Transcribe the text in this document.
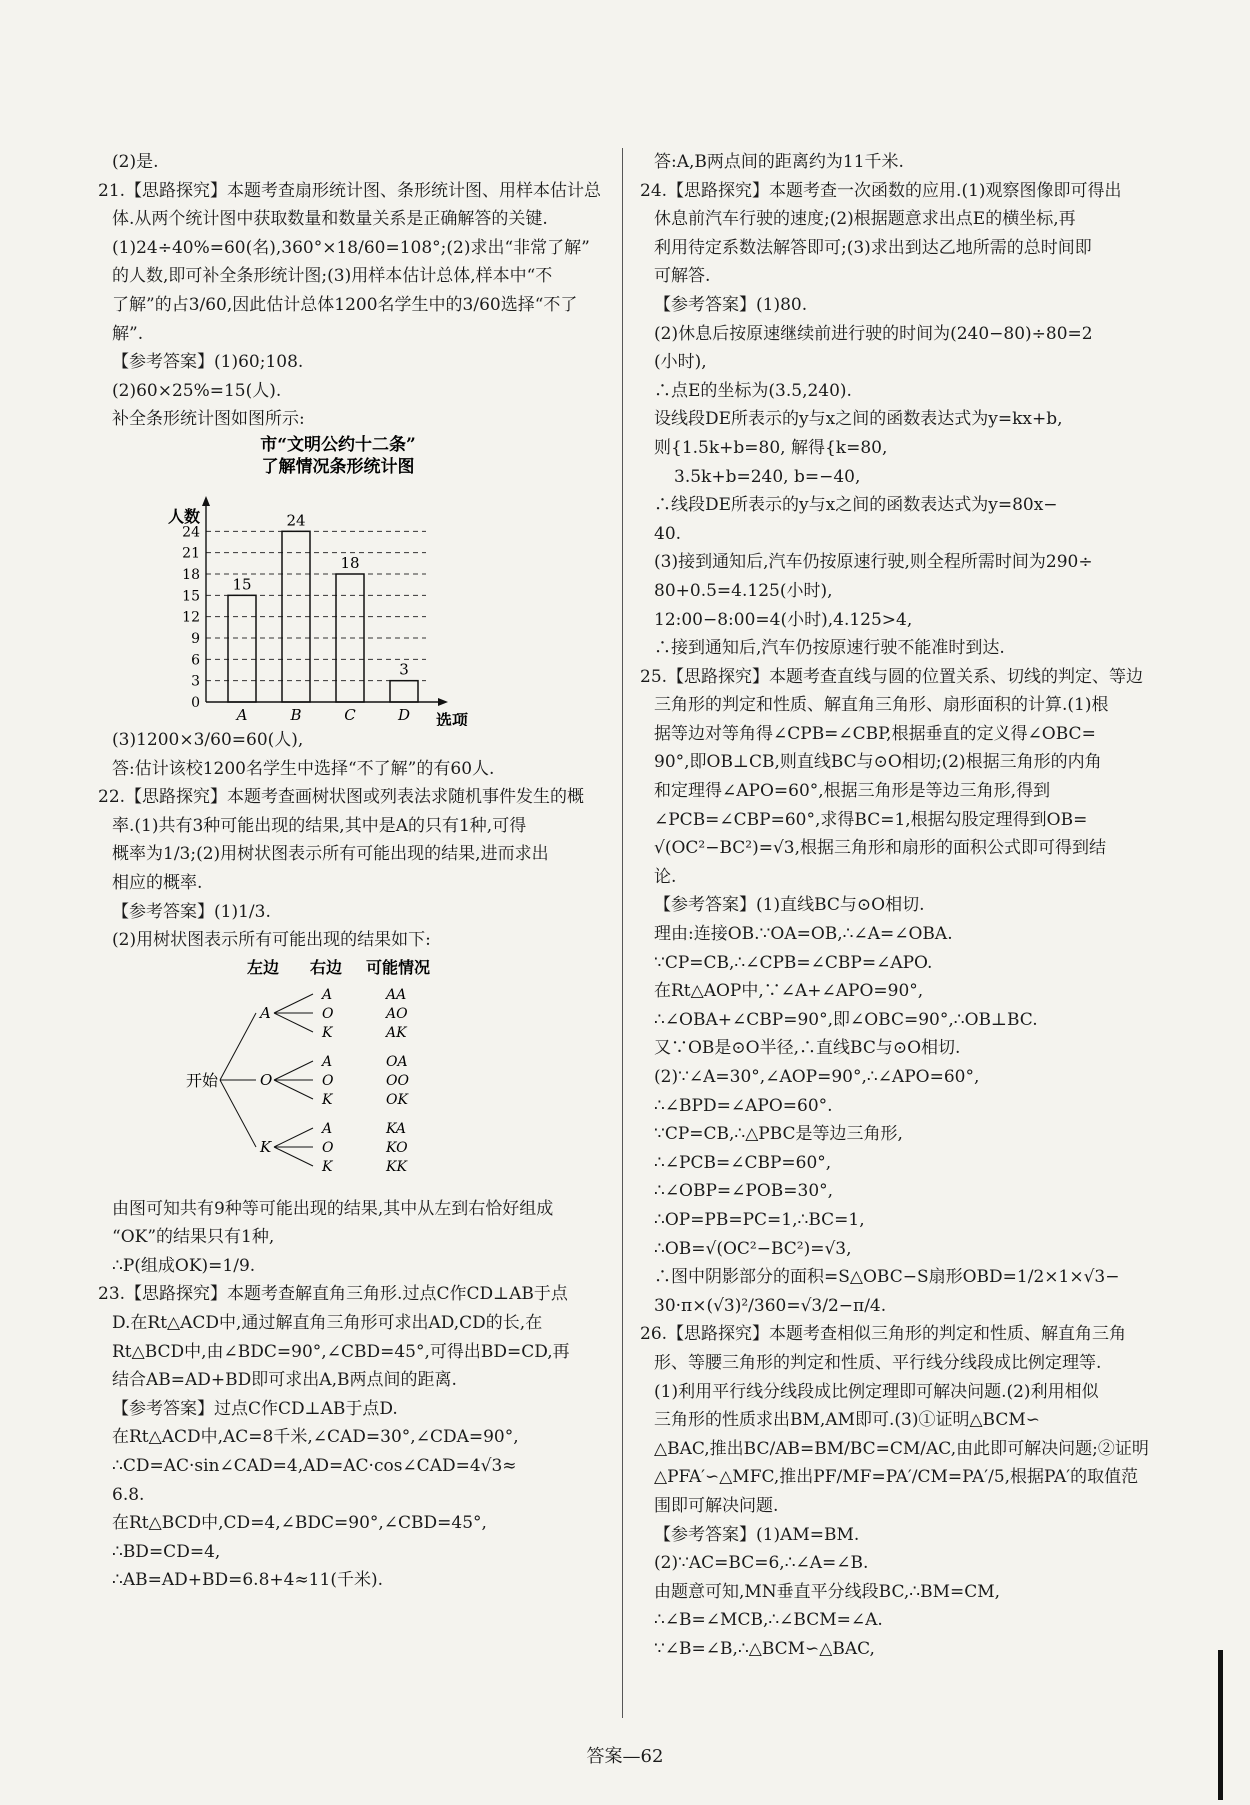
(2)是.
21.【思路探究】本题考查扇形统计图、条形统计图、用样本估计总
体.从两个统计图中获取数量和数量关系是正确解答的关键.
(1)24÷40%=60(名),360°×18/60=108°;(2)求出“非常了解”
的人数,即可补全条形统计图;(3)用样本估计总体,样本中“不
了解”的占3/60,因此估计总体1200名学生中的3/60选择“不了
解”.
【参考答案】(1)60;108.
(2)60×25%=15(人).
补全条形统计图如图所示:
市“文明公约十二条”
了解情况条形统计图
人数
0
3
6
9
12
15
18
21
24
选项
15
A
24
B
18
C
3
D
(3)1200×3/60=60(人),
答:估计该校1200名学生中选择“不了解”的有60人.
22.【思路探究】本题考查画树状图或列表法求随机事件发生的概
率.(1)共有3种可能出现的结果,其中是A的只有1种,可得
概率为1/3;(2)用树状图表示所有可能出现的结果,进而求出
相应的概率.
【参考答案】(1)1/3.
(2)用树状图表示所有可能出现的结果如下:
左边 右边 可能情况
开始
A
A	AA
O	AO
K	AK
O
A	OA
O	OO
K	OK
K
A	KA
O	KO
K	KK
由图可知共有9种等可能出现的结果,其中从左到右恰好组成
“OK”的结果只有1种,
∴P(组成OK)=1/9.
23.【思路探究】本题考查解直角三角形.过点C作CD⊥AB于点
D.在Rt△ACD中,通过解直角三角形可求出AD,CD的长,在
Rt△BCD中,由∠BDC=90°,∠CBD=45°,可得出BD=CD,再
结合AB=AD+BD即可求出A,B两点间的距离.
【参考答案】过点C作CD⊥AB于点D.
在Rt△ACD中,AC=8千米,∠CAD=30°,∠CDA=90°,
∴CD=AC·sin∠CAD=4,AD=AC·cos∠CAD=4√3≈
6.8.
在Rt△BCD中,CD=4,∠BDC=90°,∠CBD=45°,
∴BD=CD=4,
∴AB=AD+BD=6.8+4≈11(千米).
答:A,B两点间的距离约为11千米.
24.【思路探究】本题考查一次函数的应用.(1)观察图像即可得出
休息前汽车行驶的速度;(2)根据题意求出点E的横坐标,再
利用待定系数法解答即可;(3)求出到达乙地所需的总时间即
可解答.
【参考答案】(1)80.
(2)休息后按原速继续前进行驶的时间为(240−80)÷80=2
(小时),
∴点E的坐标为(3.5,240).
设线段DE所表示的y与x之间的函数表达式为y=kx+b,
则{1.5k+b=80, 解得{k=80,
3.5k+b=240, b=−40,
∴线段DE所表示的y与x之间的函数表达式为y=80x−
40.
(3)接到通知后,汽车仍按原速行驶,则全程所需时间为290÷
80+0.5=4.125(小时),
12:00−8:00=4(小时),4.125>4,
∴接到通知后,汽车仍按原速行驶不能准时到达.
25.【思路探究】本题考查直线与圆的位置关系、切线的判定、等边
三角形的判定和性质、解直角三角形、扇形面积的计算.(1)根
据等边对等角得∠CPB=∠CBP,根据垂直的定义得∠OBC=
90°,即OB⊥CB,则直线BC与⊙O相切;(2)根据三角形的内角
和定理得∠APO=60°,根据三角形是等边三角形,得到
∠PCB=∠CBP=60°,求得BC=1,根据勾股定理得到OB=
√(OC²−BC²)=√3,根据三角形和扇形的面积公式即可得到结
论.
【参考答案】(1)直线BC与⊙O相切.
理由:连接OB.∵OA=OB,∴∠A=∠OBA.
∵CP=CB,∴∠CPB=∠CBP=∠APO.
在Rt△AOP中,∵∠A+∠APO=90°,
∴∠OBA+∠CBP=90°,即∠OBC=90°,∴OB⊥BC.
又∵OB是⊙O半径,∴直线BC与⊙O相切.
(2)∵∠A=30°,∠AOP=90°,∴∠APO=60°,
∴∠BPD=∠APO=60°.
∵CP=CB,∴△PBC是等边三角形,
∴∠PCB=∠CBP=60°,
∴∠OBP=∠POB=30°,
∴OP=PB=PC=1,∴BC=1,
∴OB=√(OC²−BC²)=√3,
∴图中阴影部分的面积=S△OBC−S扇形OBD=1/2×1×√3−
30·π×(√3)²/360=√3/2−π/4.
26.【思路探究】本题考查相似三角形的判定和性质、解直角三角
形、等腰三角形的判定和性质、平行线分线段成比例定理等.
(1)利用平行线分线段成比例定理即可解决问题.(2)利用相似
三角形的性质求出BM,AM即可.(3)①证明△BCM∽
△BAC,推出BC/AB=BM/BC=CM/AC,由此即可解决问题;②证明
△PFA′∽△MFC,推出PF/MF=PA′/CM=PA′/5,根据PA′的取值范
围即可解决问题.
【参考答案】(1)AM=BM.
(2)∵AC=BC=6,∴∠A=∠B.
由题意可知,MN垂直平分线段BC,∴BM=CM,
∴∠B=∠MCB,∴∠BCM=∠A.
∵∠B=∠B,∴△BCM∽△BAC,
答案—62
